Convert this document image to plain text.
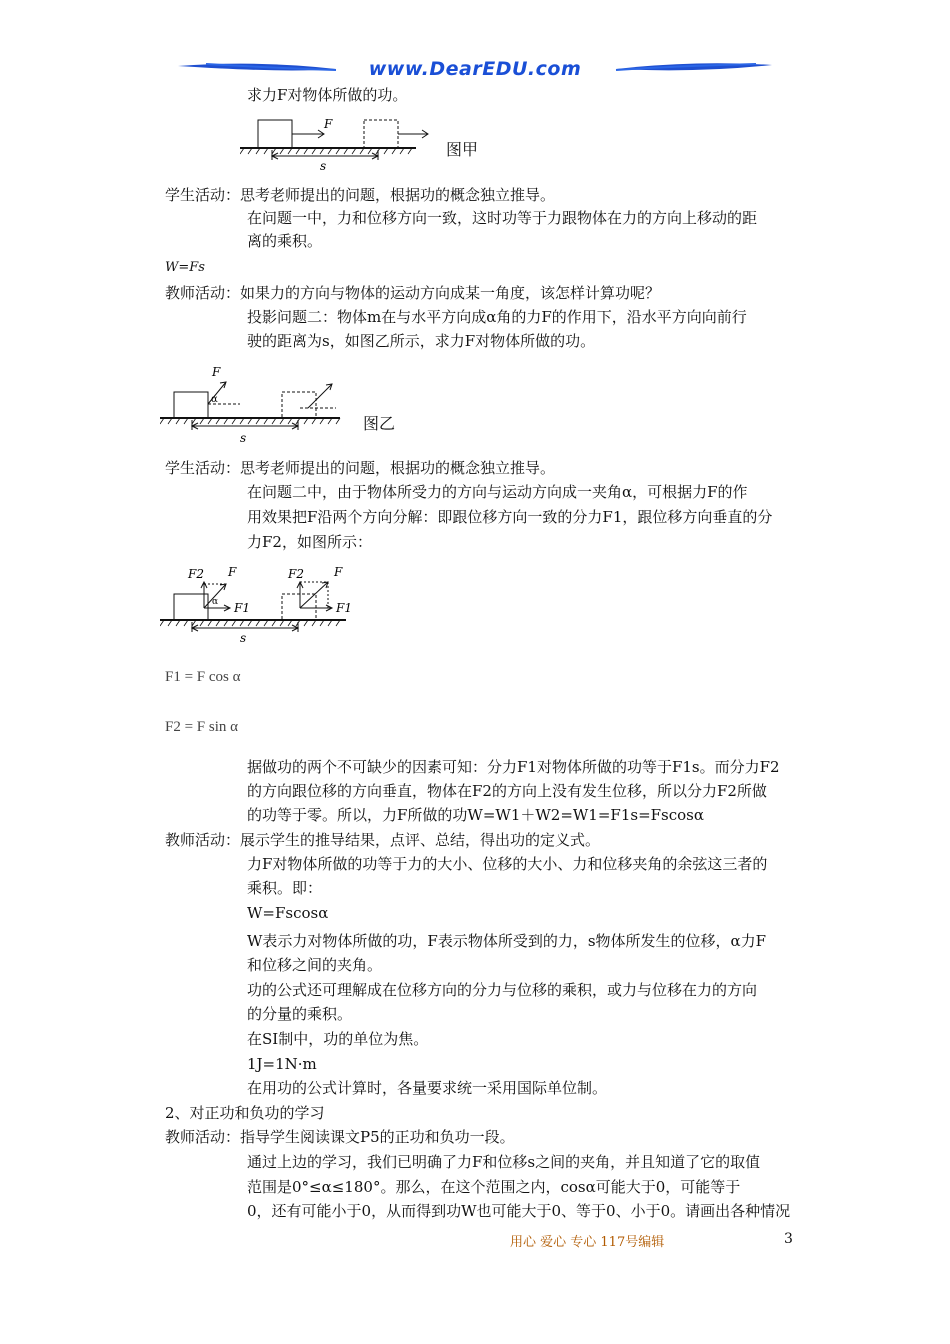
www.DearEDU.com
求力F对物体所做的功。
F
s
图甲
学生活动：思考老师提出的问题，根据功的概念独立推导。
在问题一中，力和位移方向一致，这时功等于力跟物体在力的方向上移动的距
离的乘积。
W=Fs
教师活动：如果力的方向与物体的运动方向成某一角度，该怎样计算功呢？
投影问题二：物体m在与水平方向成α角的力F的作用下，沿水平方向向前行
驶的距离为s，如图乙所示，求力F对物体所做的功。
F
α
s
图乙
学生活动：思考老师提出的问题，根据功的概念独立推导。
在问题二中，由于物体所受力的方向与运动方向成一夹角α，可根据力F的作
用效果把F沿两个方向分解：即跟位移方向一致的分力F1，跟位移方向垂直的分
力F2，如图所示：
F2 F
α F1
F2	F
F1
s
F1 = F cos α
F2 = F sin α
据做功的两个不可缺少的因素可知：分力F1对物体所做的功等于F1s。而分力F2
的方向跟位移的方向垂直，物体在F2的方向上没有发生位移，所以分力F2所做
的功等于零。所以，力F所做的功W=W1＋W2=W1=F1s=Fscosα
教师活动：展示学生的推导结果，点评、总结，得出功的定义式。
力F对物体所做的功等于力的大小、位移的大小、力和位移夹角的余弦这三者的
乘积。即：
W=Fscosα
W表示力对物体所做的功，F表示物体所受到的力，s物体所发生的位移，α力F
和位移之间的夹角。
功的公式还可理解成在位移方向的分力与位移的乘积，或力与位移在力的方向
的分量的乘积。
在SI制中，功的单位为焦。
1J=1N·m
在用功的公式计算时，各量要求统一采用国际单位制。
2、对正功和负功的学习
教师活动：指导学生阅读课文P5的正功和负功一段。
通过上边的学习，我们已明确了力F和位移s之间的夹角，并且知道了它的取值
范围是0°≤α≤180°。那么，在这个范围之内，cosα可能大于0，可能等于
0，还有可能小于0，从而得到功W也可能大于0、等于0、小于0。请画出各种情况
用心 爱心 专心 117号编辑	3
